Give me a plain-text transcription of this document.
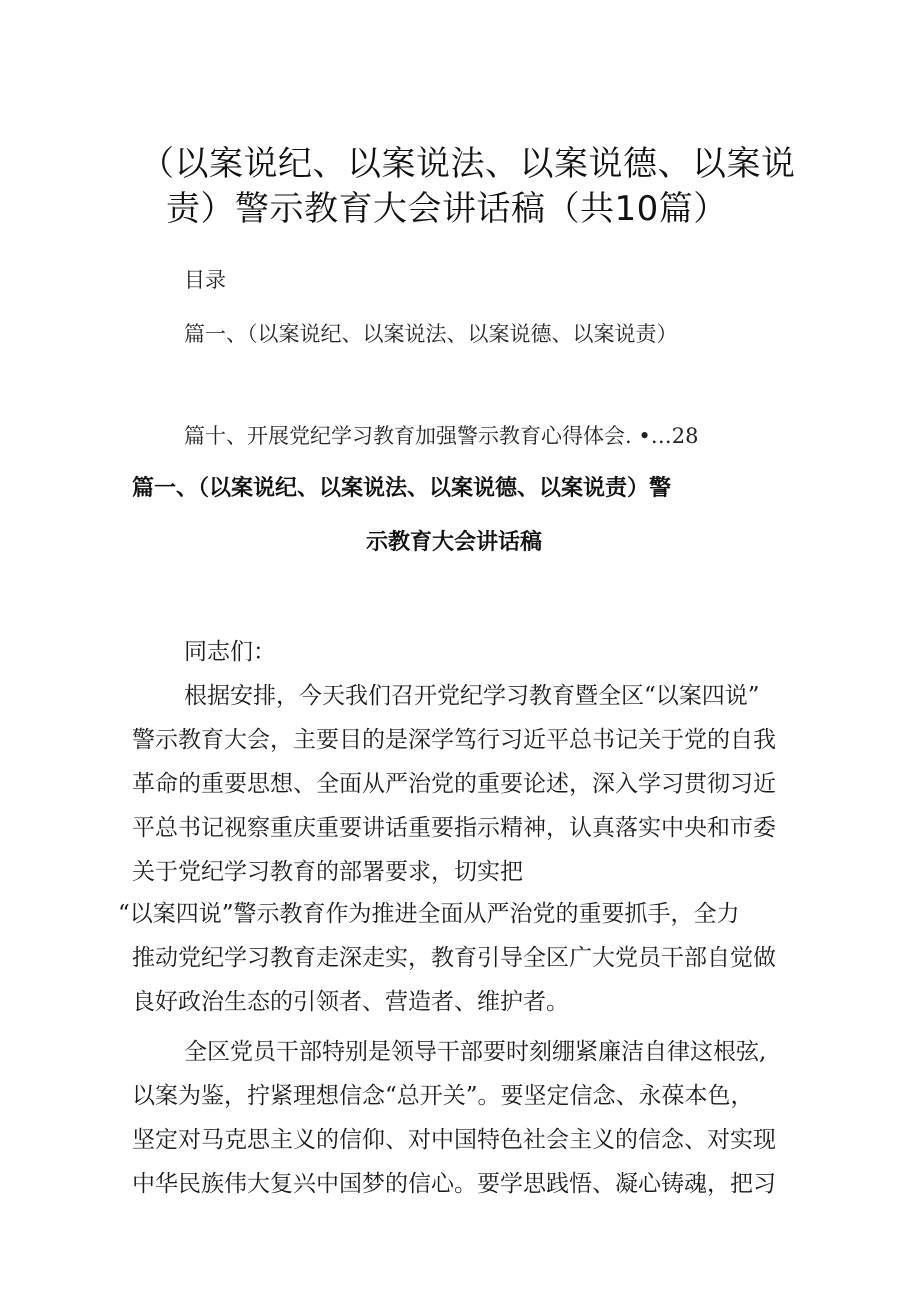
（以案说纪、以案说法、以案说德、以案说
责）警示教育大会讲话稿（共10篇）
目录
篇一、（以案说纪、以案说法、以案说德、以案说责）
篇十、开展党纪学习教育加强警示教育心得体会. •…28
篇一、（以案说纪、以案说法、以案说德、以案说责）警
示教育大会讲话稿
同志们：
根据安排，今天我们召开党纪学习教育暨全区“以案四说”
警示教育大会，主要目的是深学笃行习近平总书记关于党的自我
革命的重要思想、全面从严治党的重要论述，深入学习贯彻习近
平总书记视察重庆重要讲话重要指示精神，认真落实中央和市委
关于党纪学习教育的部署要求，切实把
“以案四说”警示教育作为推进全面从严治党的重要抓手，全力
推动党纪学习教育走深走实，教育引导全区广大党员干部自觉做
良好政治生态的引领者、营造者、维护者。
全区党员干部特别是领导干部要时刻绷紧廉洁自律这根弦,
以案为鉴，拧紧理想信念“总开关”。要坚定信念、永葆本色，
坚定对马克思主义的信仰、对中国特色社会主义的信念、对实现
中华民族伟大复兴中国梦的信心。要学思践悟、凝心铸魂，把习
